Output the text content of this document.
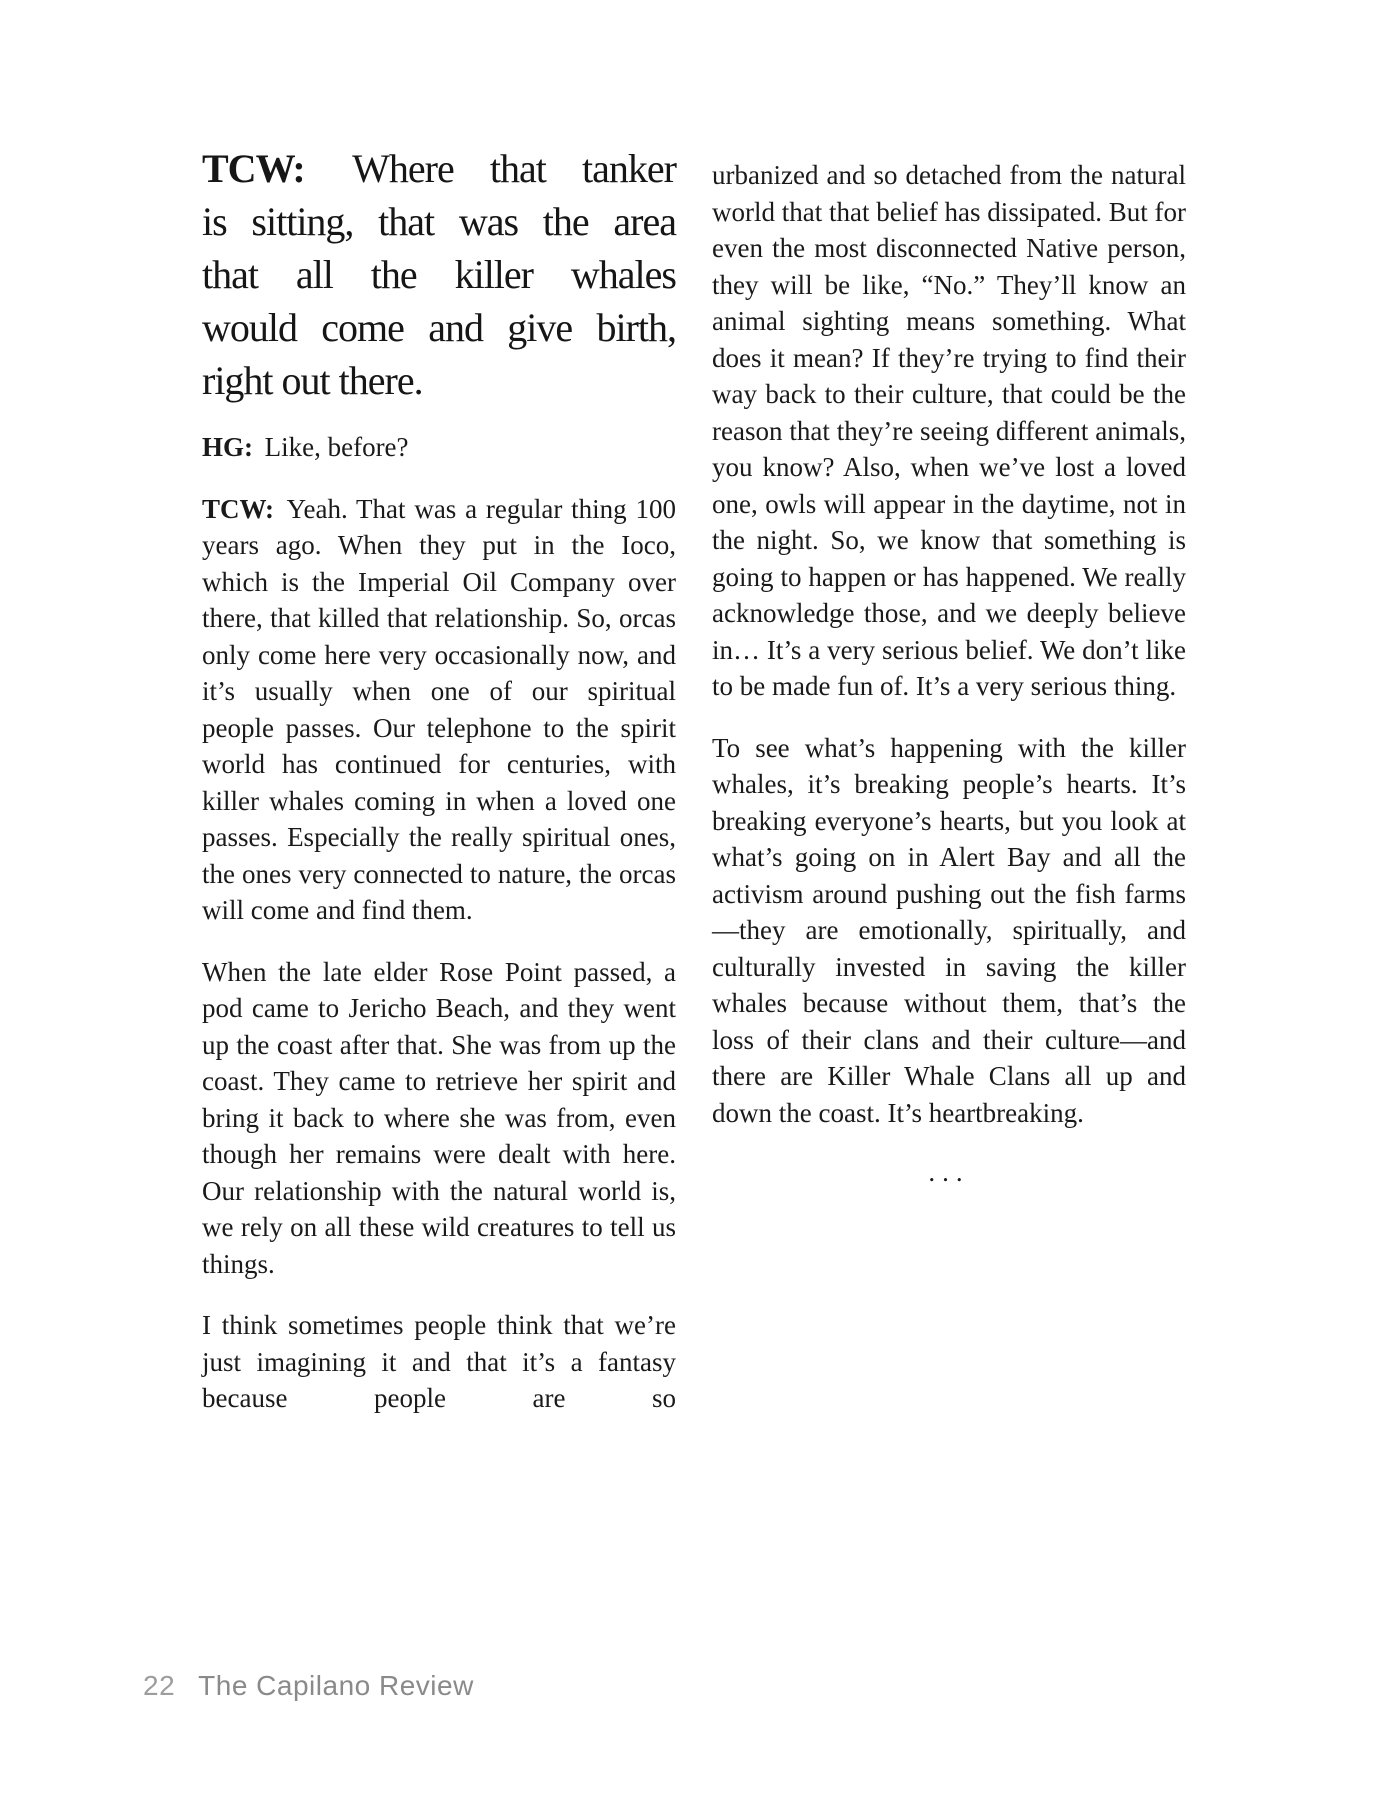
TCW: Where that tanker
is sitting, that was the area
that all the killer whales
would come and give birth,
right out there.

HG: Like, before?

TCW: Yeah. That was a regular thing 100 years ago. When they put in the Ioco, which is the Imperial Oil Company over there, that killed that relationship. So, orcas only come here very occasionally now, and it’s usually when one of our spiritual people passes. Our telephone to the spirit world has continued for centuries, with killer whales coming in when a loved one passes. Especially the really spiritual ones, the ones very connected to nature, the orcas will come and find them.

When the late elder Rose Point passed, a pod came to Jericho Beach, and they went up the coast after that. She was from up the coast. They came to retrieve her spirit and bring it back to where she was from, even though her remains were dealt with here. Our relationship with the natural world is, we rely on all these wild creatures to tell us things.

I think sometimes people think that we’re just imagining it and that it’s a fantasy because people are so

urbanized and so detached from the natural world that that belief has dissipated. But for even the most disconnected Native person, they will be like, “No.” They’ll know an animal sighting means something. What does it mean? If they’re trying to find their way back to their culture, that could be the reason that they’re seeing different animals, you know? Also, when we’ve lost a loved one, owls will appear in the daytime, not in the night. So, we know that something is going to happen or has happened. We really acknowledge those, and we deeply believe in… It’s a very serious belief. We don’t like to be made fun of. It’s a very serious thing.

To see what’s happening with the killer whales, it’s breaking people’s hearts. It’s breaking everyone’s hearts, but you look at what’s going on in Alert Bay and all the activism around pushing out the fish farms—they are emotionally, spiritually, and culturally invested in saving the killer whales because without them, that’s the loss of their clans and their culture—and there are Killer Whale Clans all up and down the coast. It’s heartbreaking.

...
22 The Capilano Review
